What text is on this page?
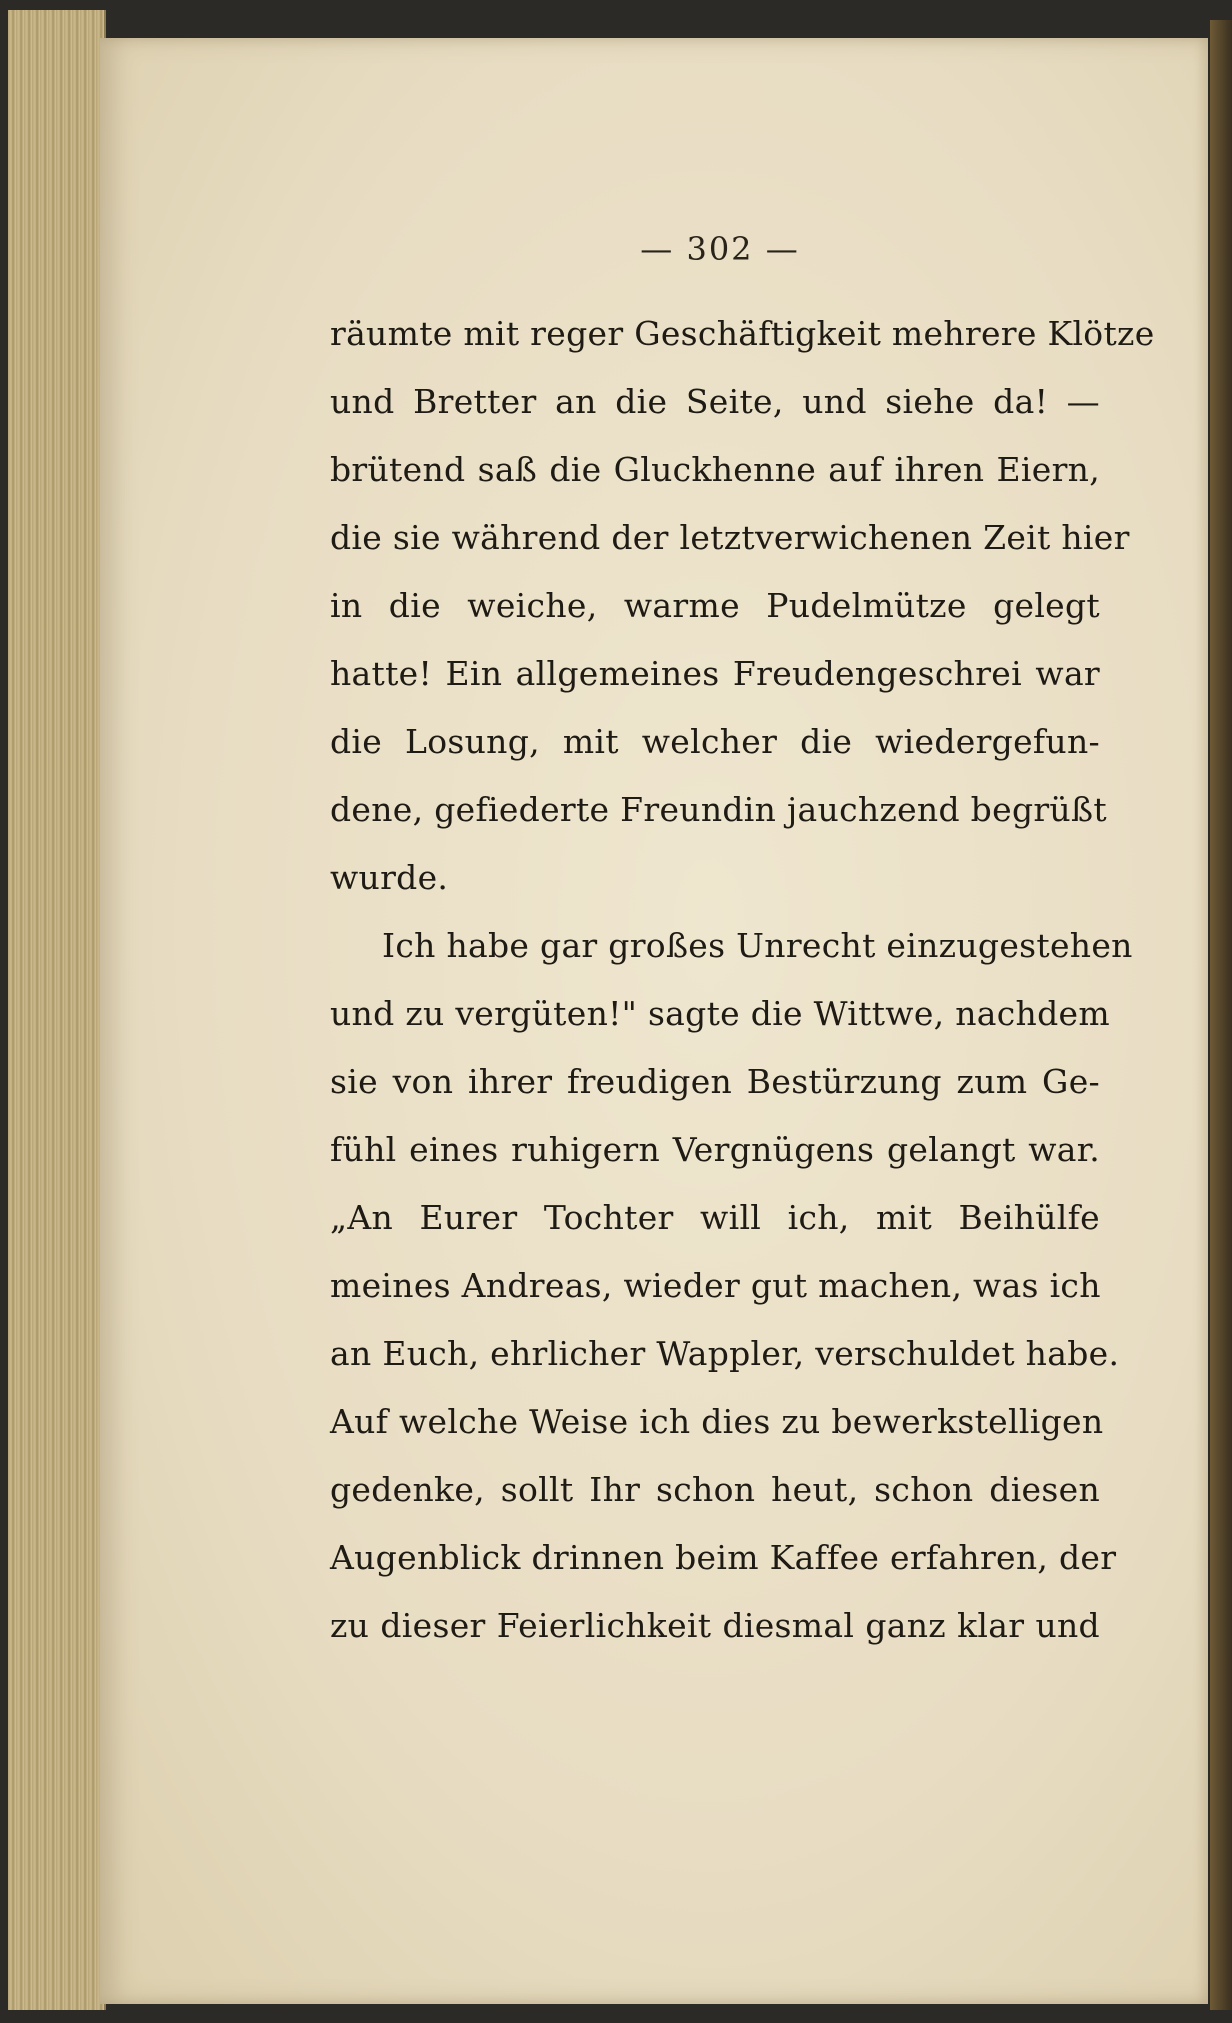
— 302 —
räumte mit reger Geschäftigkeit mehrere Klötze
und Bretter an die Seite, und siehe da! —
brütend saß die Gluckhenne auf ihren Eiern,
die sie während der letztverwichenen Zeit hier
in die weiche, warme Pudelmütze gelegt
hatte! Ein allgemeines Freudengeschrei war
die Losung, mit welcher die wiedergefun-
dene, gefiederte Freundin jauchzend begrüßt
wurde.
Ich habe gar großes Unrecht einzugestehen
und zu vergüten!" sagte die Wittwe, nachdem
sie von ihrer freudigen Bestürzung zum Ge-
fühl eines ruhigern Vergnügens gelangt war.
„An Eurer Tochter will ich, mit Beihülfe
meines Andreas, wieder gut machen, was ich
an Euch, ehrlicher Wappler, verschuldet habe.
Auf welche Weise ich dies zu bewerkstelligen
gedenke, sollt Ihr schon heut, schon diesen
Augenblick drinnen beim Kaffee erfahren, der
zu dieser Feierlichkeit diesmal ganz klar und
